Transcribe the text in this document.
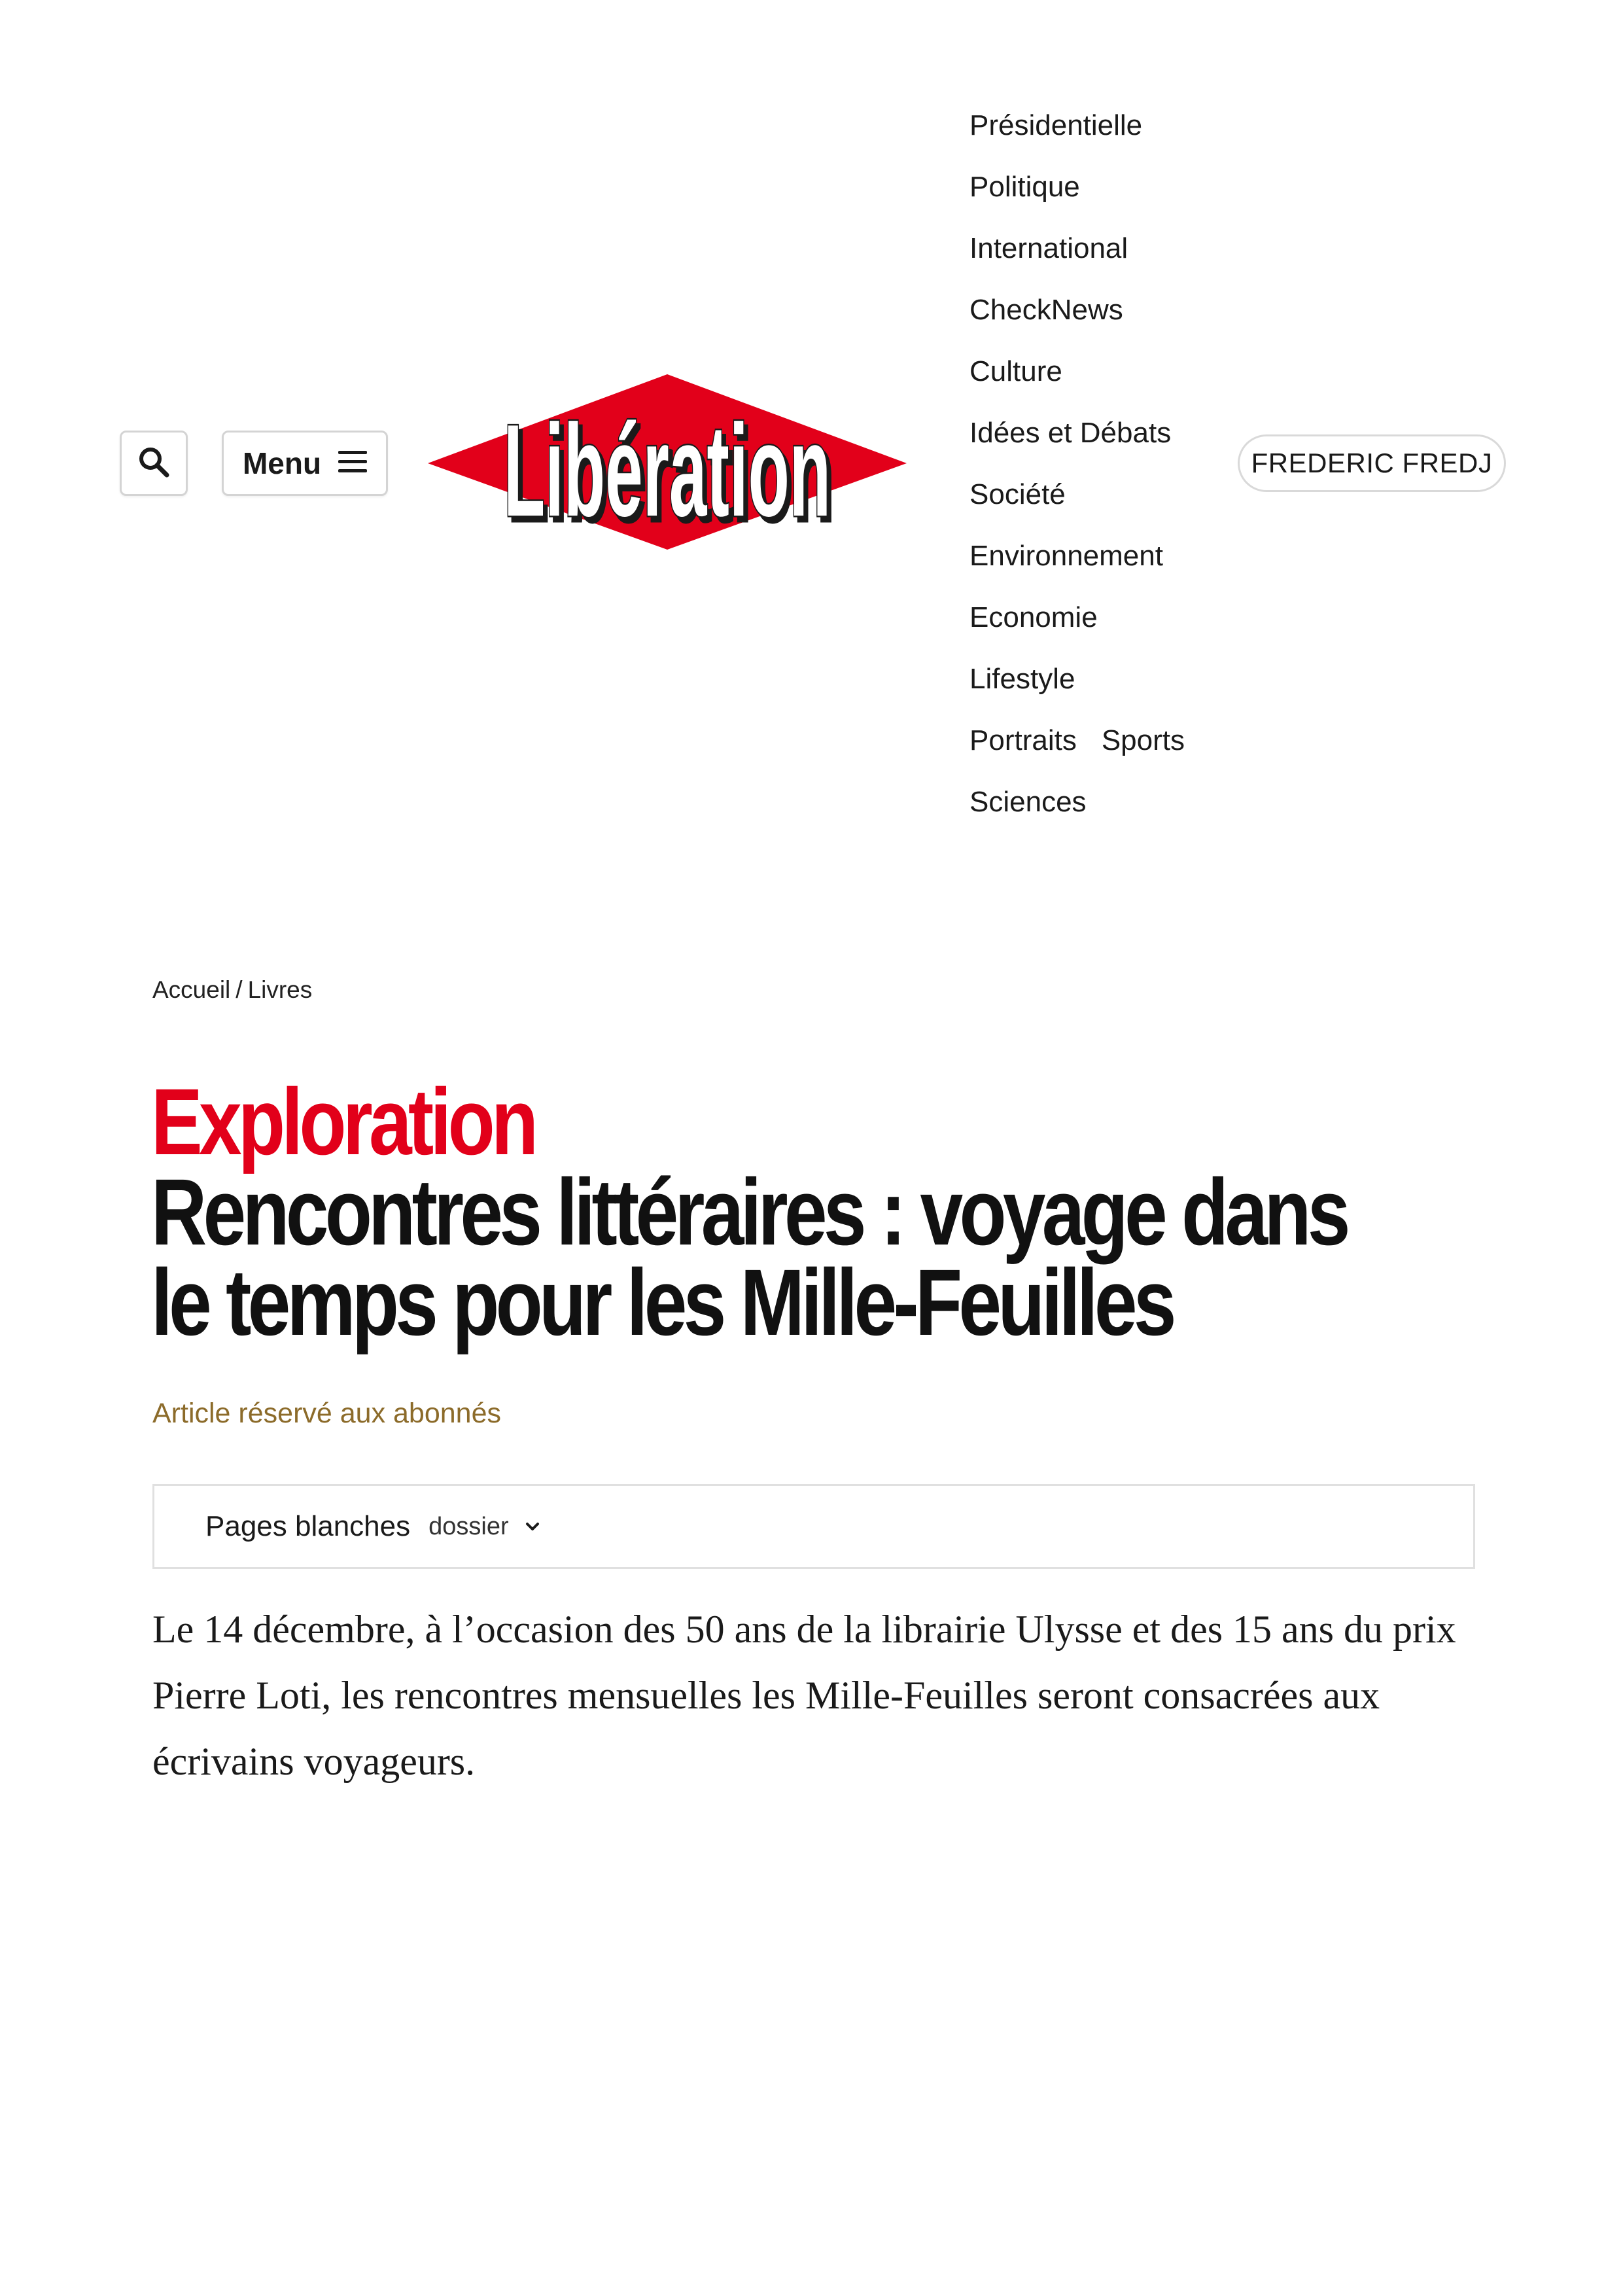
Menu Libération
Libération
Présidentielle
Politique
International
CheckNews
Culture
Idées et Débats
Société
Environnement
Economie
Lifestyle
Portraits Sports
Sciences
FREDERIC FREDJ
Accueil / Livres
Exploration
Rencontres littéraires : voyage dans le temps pour les Mille-Feuilles
Article réservé aux abonnés
Pages blanches dossier

Le 14 décembre, à l’occasion des 50 ans de la librairie Ulysse et des 15 ans du prix Pierre Loti, les rencontres mensuelles les Mille-Feuilles seront consacrées aux écrivains voyageurs.
